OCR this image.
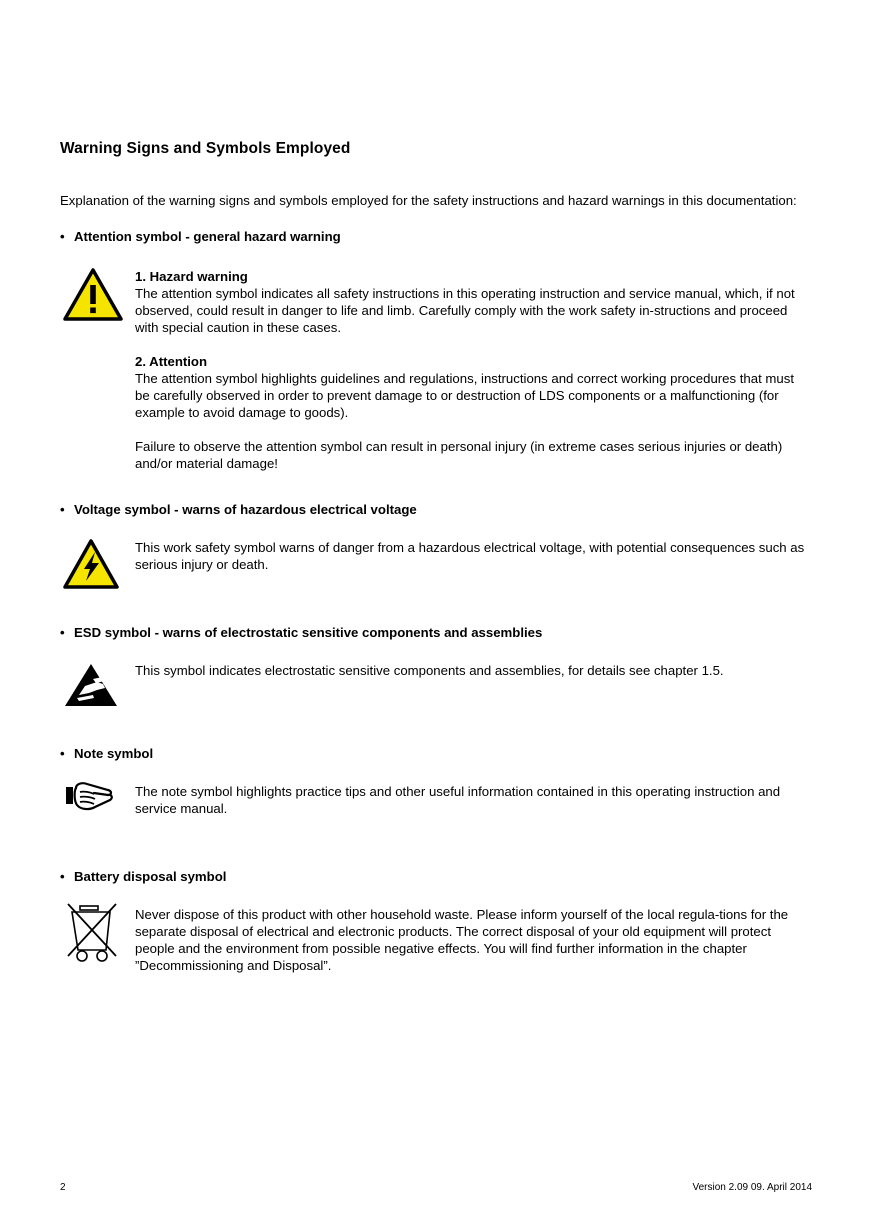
Warning Signs and Symbols Employed

Explanation of the warning signs and symbols employed for the safety instructions and hazard warnings in this documentation:

• Attention symbol - general hazard warning

1. Hazard warning

The attention symbol indicates all safety instructions in this operating instruction and service manual, which, if not observed, could result in danger to life and limb. Carefully comply with the work safety in-structions and proceed with special caution in these cases.

2. Attention

The attention symbol highlights guidelines and regulations, instructions and correct working procedures that must be carefully observed in order to prevent damage to or destruction of LDS components or a malfunctioning (for example to avoid damage to goods).

Failure to observe the attention symbol can result in personal injury (in extreme cases serious injuries or death) and/or material damage!

• Voltage symbol - warns of hazardous electrical voltage

This work safety symbol warns of danger from a hazardous electrical voltage, with potential consequences such as serious injury or death.

• ESD symbol - warns of electrostatic sensitive components and assemblies

This symbol indicates electrostatic sensitive components and assemblies, for details see chapter 1.5.

• Note symbol

The note symbol highlights practice tips and other useful information contained in this operating instruction and service manual.

• Battery disposal symbol

Never dispose of this product with other household waste. Please inform yourself of the local regula-tions for the separate disposal of electrical and electronic products. The correct disposal of your old equipment will protect people and the environment from possible negative effects. You will find further information in the chapter ”Decommissioning and Disposal”.

2	Version 2.09 09. April 2014
